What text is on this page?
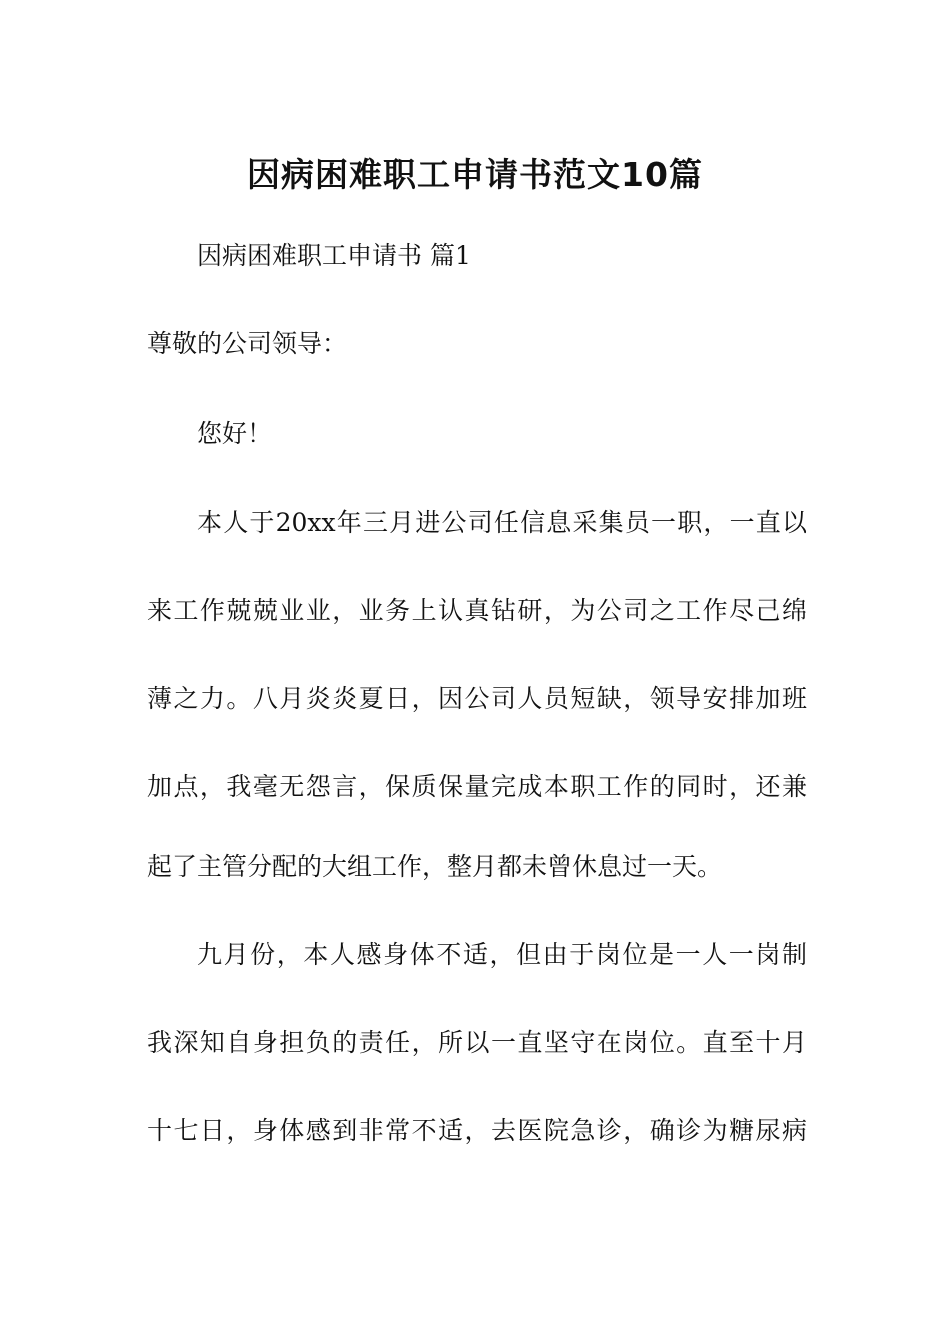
因病困难职工申请书范文10篇
因病困难职工申请书 篇1
尊敬的公司领导：
您好！
本人于20xx年三月进公司任信息采集员一职，一直以
来工作兢兢业业，业务上认真钻研，为公司之工作尽己绵
薄之力。八月炎炎夏日，因公司人员短缺，领导安排加班
加点，我毫无怨言，保质保量完成本职工作的同时，还兼
起了主管分配的大组工作，整月都未曾休息过一天。
九月份，本人感身体不适，但由于岗位是一人一岗制
我深知自身担负的责任，所以一直坚守在岗位。直至十月
十七日，身体感到非常不适，去医院急诊，确诊为糖尿病
